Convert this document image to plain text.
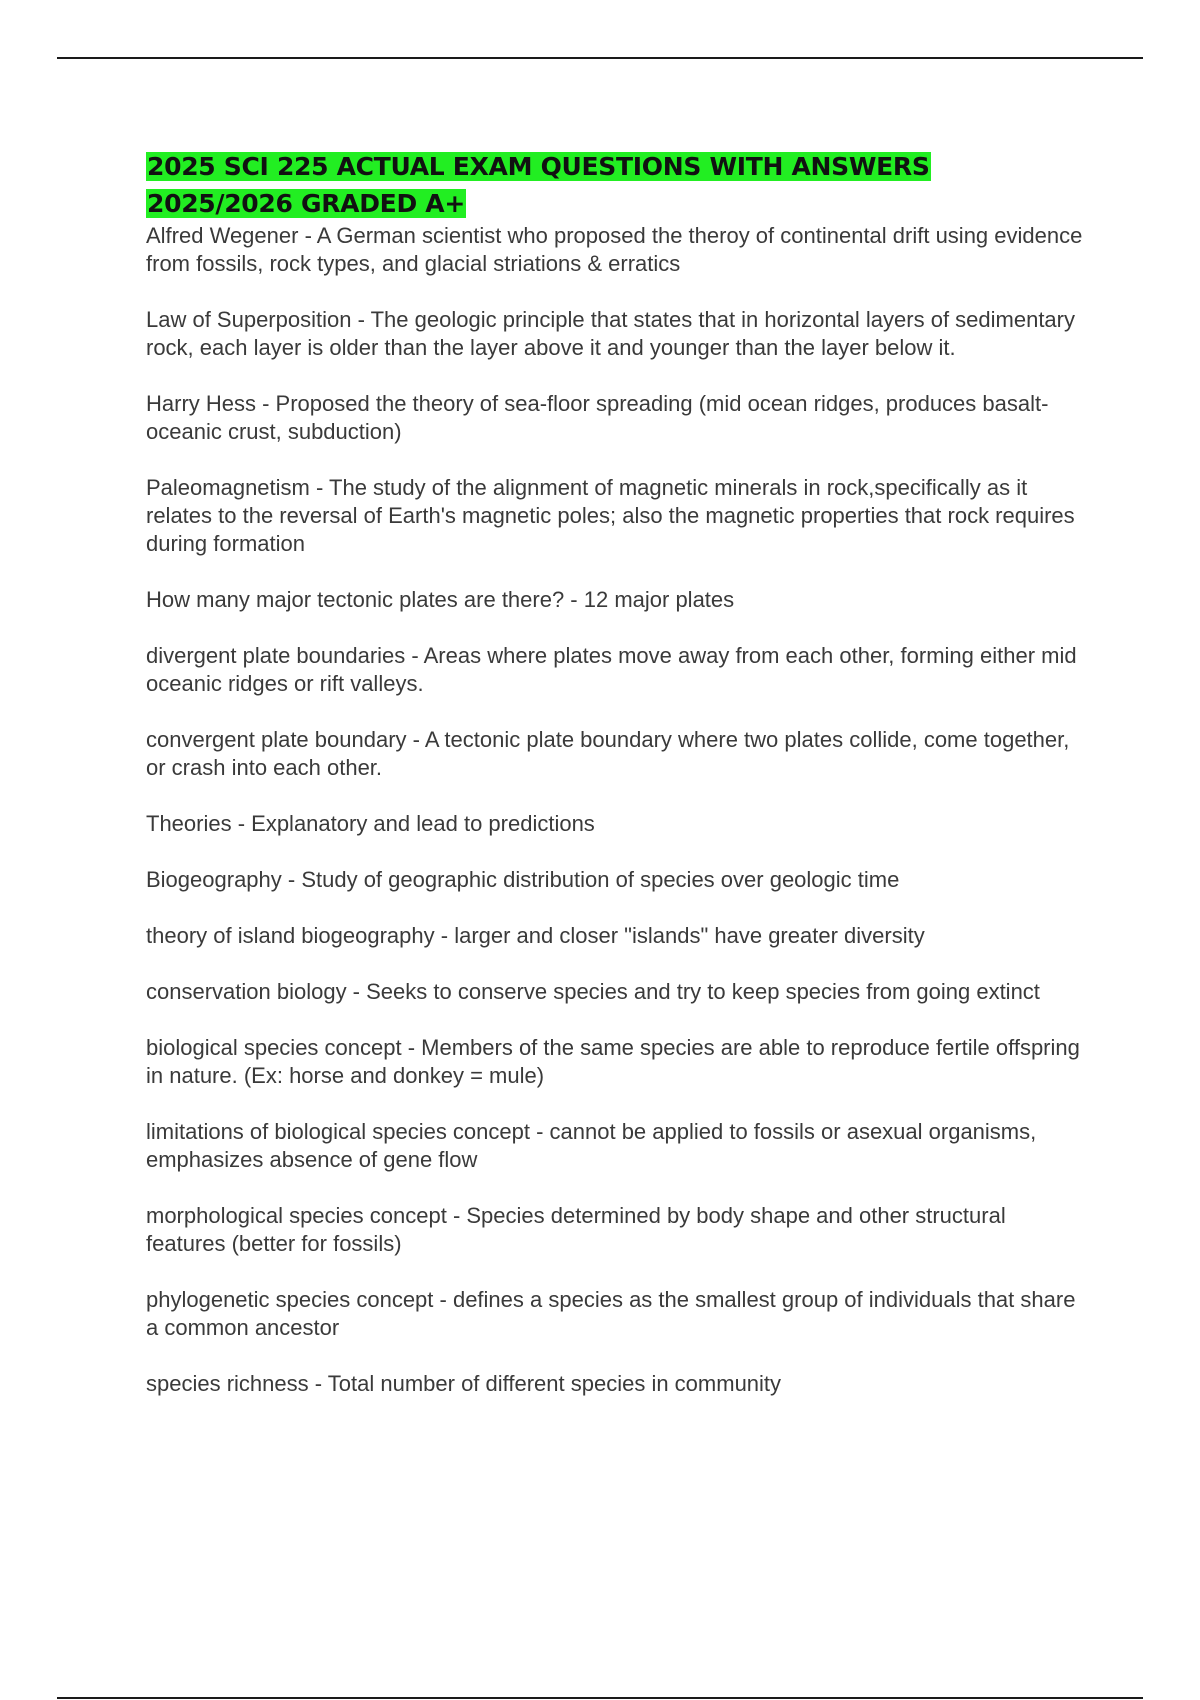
2025 SCI 225 ACTUAL EXAM QUESTIONS WITH ANSWERS
2025/2026 GRADED A+

Alfred Wegener - A German scientist who proposed the theroy of continental drift using evidence from fossils, rock types, and glacial striations & erratics

Law of Superposition - The geologic principle that states that in horizontal layers of sedimentary rock, each layer is older than the layer above it and younger than the layer below it.

Harry Hess - Proposed the theory of sea-floor spreading (mid ocean ridges, produces basalt- oceanic crust, subduction)

Paleomagnetism - The study of the alignment of magnetic minerals in rock,specifically as it relates to the reversal of Earth's magnetic poles; also the magnetic properties that rock requires during formation

How many major tectonic plates are there? - 12 major plates

divergent plate boundaries - Areas where plates move away from each other, forming either mid oceanic ridges or rift valleys.

convergent plate boundary - A tectonic plate boundary where two plates collide, come together, or crash into each other.

Theories - Explanatory and lead to predictions

Biogeography - Study of geographic distribution of species over geologic time

theory of island biogeography - larger and closer "islands" have greater diversity

conservation biology - Seeks to conserve species and try to keep species from going extinct

biological species concept - Members of the same species are able to reproduce fertile offspring in nature. (Ex: horse and donkey = mule)

limitations of biological species concept - cannot be applied to fossils or asexual organisms, emphasizes absence of gene flow

morphological species concept - Species determined by body shape and other structural features (better for fossils)

phylogenetic species concept - defines a species as the smallest group of individuals that share a common ancestor

species richness - Total number of different species in community
